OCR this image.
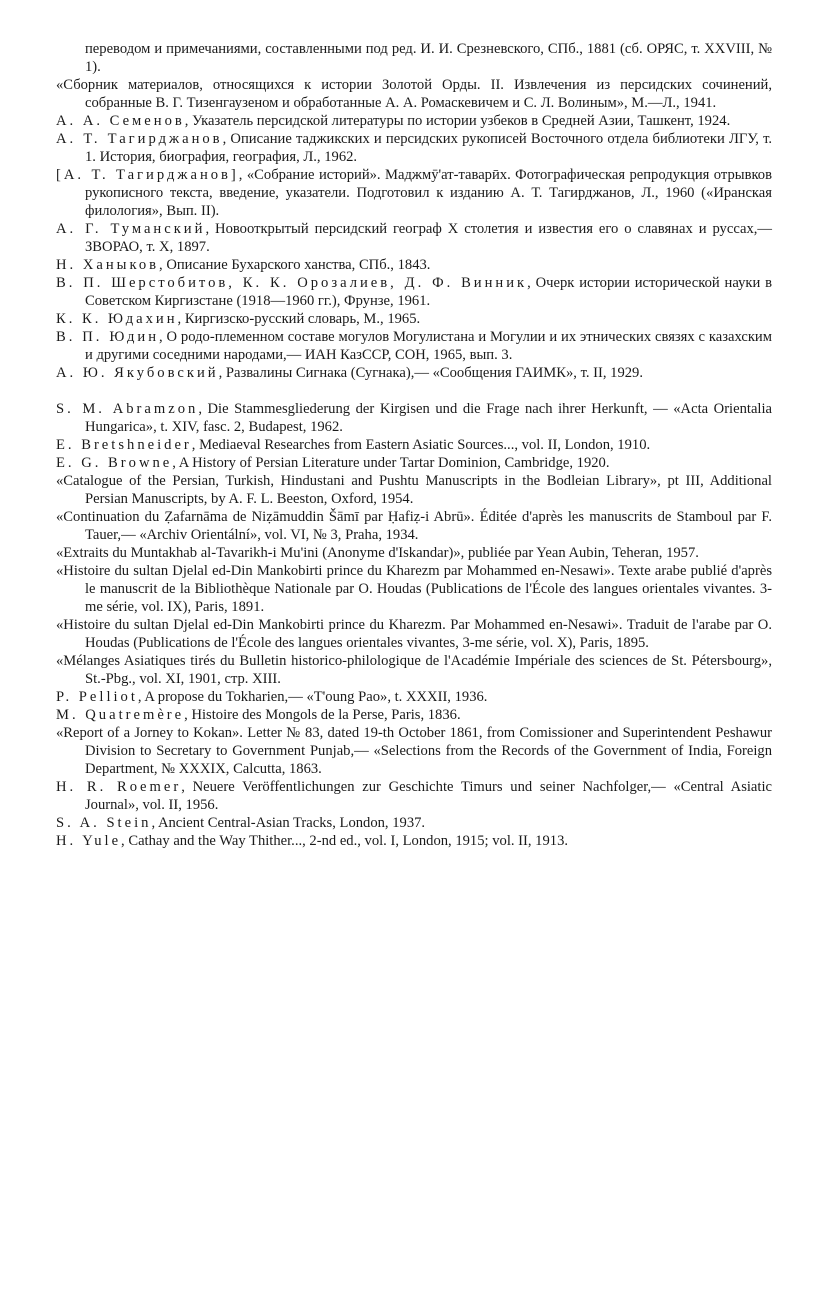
переводом и примечаниями, составленными под ред. И. И. Срезневского, СПб., 1881 (сб. ОРЯС, т. XXVIII, № 1).

«Сборник материалов, относящихся к истории Золотой Орды. II. Извлечения из персидских сочинений, собранные В. Г. Тизенгаузеном и обработанные А. А. Ромаскевичем и С. Л. Волиным», М.—Л., 1941.

А. А. Семенов, Указатель персидской литературы по истории узбеков в Средней Азии, Ташкент, 1924.

А. Т. Тагирджанов, Описание таджикских и персидских рукописей Восточного отдела библиотеки ЛГУ, т. 1. История, биография, география, Л., 1962.

[А. Т. Тагирджанов], «Собрание историй». Маджмӯ'ат-таварӣх. Фотографическая репродукция отрывков рукописного текста, введение, указатели. Подготовил к изданию А. Т. Тагирджанов, Л., 1960 («Иранская филология», Вып. II).

А. Г. Туманский, Новооткрытый персидский географ X столетия и известия его о славянах и руссах,— ЗВОРАО, т. X, 1897.

Н. Ханыков, Описание Бухарского ханства, СПб., 1843.

В. П. Шерстобитов, К. К. Орозалиев, Д. Ф. Винник, Очерк истории исторической науки в Советском Киргизстане (1918—1960 гг.), Фрунзе, 1961.

К. К. Юдахин, Киргизско-русский словарь, М., 1965.

В. П. Юдин, О родо-племенном составе могулов Могулистана и Могулии и их этнических связях с казахским и другими соседними народами,— ИАН КазССР, СОН, 1965, вып. 3.

А. Ю. Якубовский, Развалины Сигнака (Сугнака),— «Сообщения ГАИМК», т. II, 1929.

S. M. Abramzon, Die Stammesgliederung der Kirgisen und die Frage nach ihrer Herkunft, — «Acta Orientalia Hungarica», t. XIV, fasc. 2, Budapest, 1962.

E. Bretshneider, Mediaeval Researches from Eastern Asiatic Sources..., vol. II, London, 1910.

E. G. Browne, A History of Persian Literature under Tartar Dominion, Cambridge, 1920.

«Catalogue of the Persian, Turkish, Hindustani and Pushtu Manuscripts in the Bodleian Library», pt III, Additional Persian Manuscripts, by A. F. L. Beeston, Oxford, 1954.

«Continuation du Ẓafarnāma de Niẓāmuddin Šāmī par Ḥafiẓ-i Abrū». Éditée d'après les manuscrits de Stamboul par F. Tauer,— «Archiv Orientální», vol. VI, № 3, Praha, 1934.

«Extraits du Muntakhab al-Tavarikh-i Mu'ini (Anonyme d'Iskandar)», publiée par Yean Aubin, Teheran, 1957.

«Histoire du sultan Djelal ed-Din Mankobirti prince du Kharezm par Mohammed en-Nesawi». Texte arabe publié d'après le manuscrit de la Bibliothèque Nationale par O. Houdas (Publications de l'École des langues orientales vivantes. 3-me série, vol. IX), Paris, 1891.

«Histoire du sultan Djelal ed-Din Mankobirti prince du Kharezm. Par Mohammed en-Nesawi». Traduit de l'arabe par O. Houdas (Publications de l'École des langues orientales vivantes, 3-me série, vol. X), Paris, 1895.

«Mélanges Asiatiques tirés du Bulletin historico-philologique de l'Académie Impériale des sciences de St. Pétersbourg», St.-Pbg., vol. XI, 1901, стр. XIII.

P. Pelliot, A propose du Tokharien,— «T'oung Pao», t. XXXII, 1936.

M. Quatremère, Histoire des Mongols de la Perse, Paris, 1836.

«Report of a Jorney to Kokan». Letter № 83, dated 19-th October 1861, from Comissioner and Superintendent Peshawur Division to Secretary to Government Punjab,— «Selections from the Records of the Government of India, Foreign Department, № XXXIX, Calcutta, 1863.

H. R. Roemer, Neuere Veröffentlichungen zur Geschichte Timurs und seiner Nachfolger,— «Central Asiatic Journal», vol. II, 1956.

S. A. Stein, Ancient Central-Asian Tracks, London, 1937.

H. Yule, Cathay and the Way Thither..., 2-nd ed., vol. I, London, 1915; vol. II, 1913.
